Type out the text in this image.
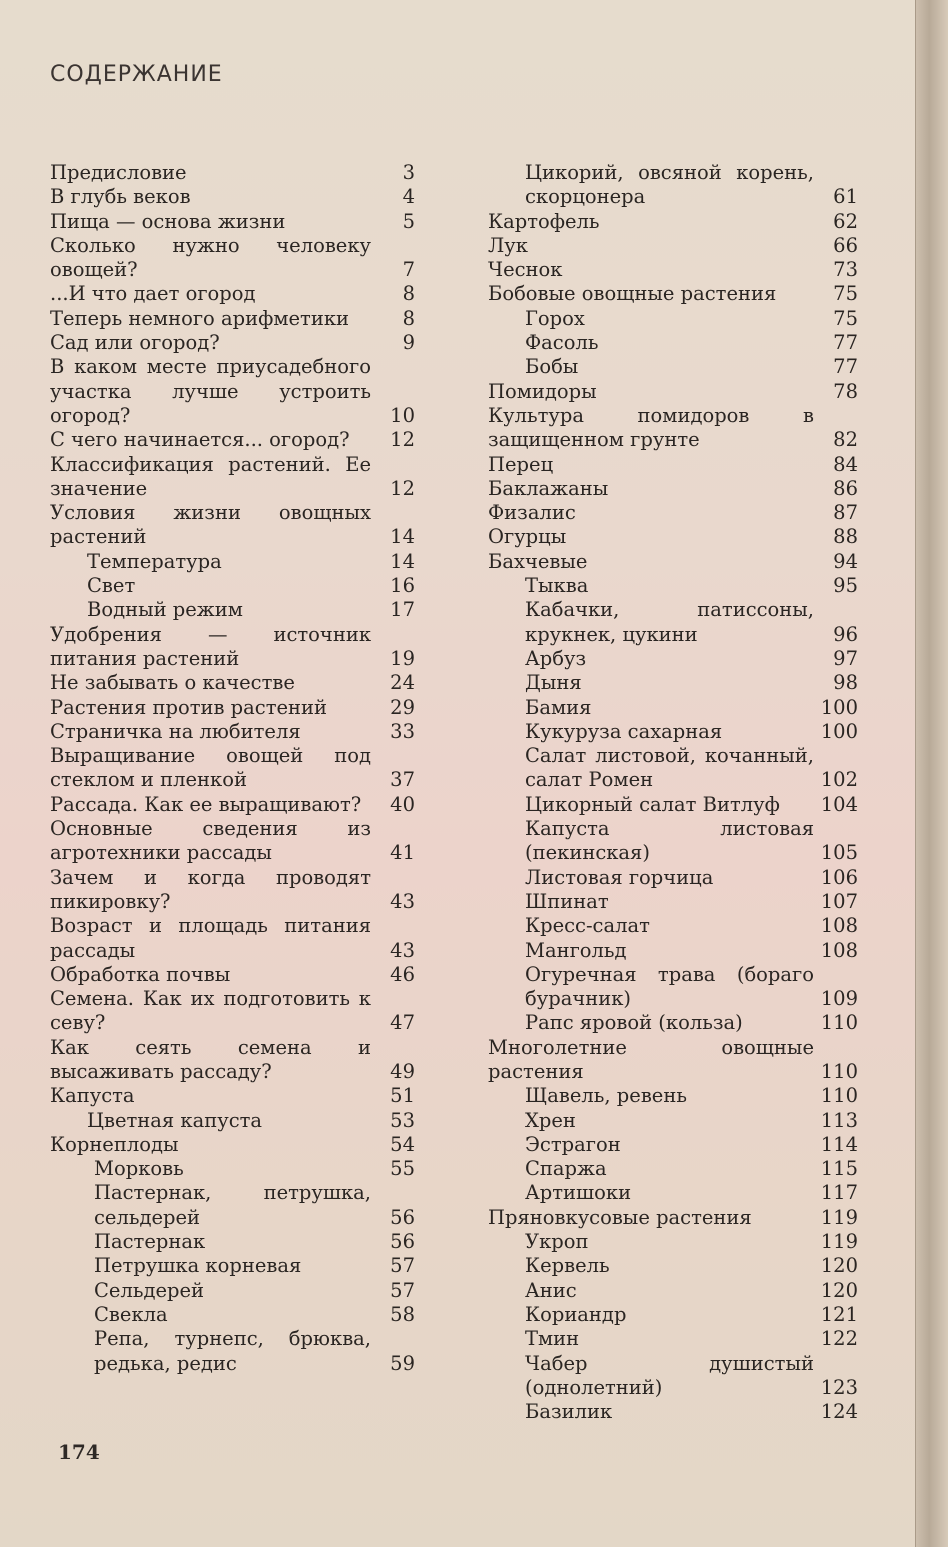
СОДЕРЖАНИЕ
Предисловие	3
В глубь веков	4
Пища — основа жизни	5
Сколько нужно человеку овощей?	7
...И что дает огород	8
Теперь немного арифметики	8
Сад или огород?	9
В каком месте приусадебного участка лучше устроить огород?	10
С чего начинается... огород?	12
Классификация растений. Ее значение	12
Условия жизни овощных растений	14
Температура	14
Свет	16
Водный режим	17
Удобрения — источник питания растений	19
Не забывать о качестве	24
Растения против растений	29
Страничка на любителя	33
Выращивание овощей под стеклом и пленкой	37
Рассада. Как ее выращивают?	40
Основные сведения из агротехники рассады	41
Зачем и когда проводят пикировку?	43
Возраст и площадь питания рассады	43
Обработка почвы	46
Семена. Как их подготовить к севу?	47
Как сеять семена и высаживать рассаду?	49
Капуста	51
Цветная капуста	53
Корнеплоды	54
Морковь	55
Пастернак, петрушка, сельдерей	56
Пастернак	56
Петрушка корневая	57
Сельдерей	57
Свекла	58
Репа, турнепс, брюква, редька, редис	59
Цикорий, овсяной корень, скорцонера	61
Картофель	62
Лук	66
Чеснок	73
Бобовые овощные растения	75
Горох	75
Фасоль	77
Бобы	77
Помидоры	78
Культура помидоров в защищенном грунте	82
Перец	84
Баклажаны	86
Физалис	87
Огурцы	88
Бахчевые	94
Тыква	95
Кабачки, патиссоны, крукнек, цукини	96
Арбуз	97
Дыня	98
Бамия	100
Кукуруза сахарная	100
Салат листовой, кочанный, салат Ромен	102
Цикорный салат Витлуф	104
Капуста листовая (пекинская)	105
Листовая горчица	106
Шпинат	107
Кресс-салат	108
Мангольд	108
Огуречная трава (бораго бурачник)	109
Рапс яровой (кольза)	110
Многолетние овощные растения	110
Щавель, ревень	110
Хрен	113
Эстрагон	114
Спаржа	115
Артишоки	117
Пряновкусовые растения	119
Укроп	119
Кервель	120
Анис	120
Кориандр	121
Тмин	122
Чабер душистый (однолетний)	123
Базилик	124
174
